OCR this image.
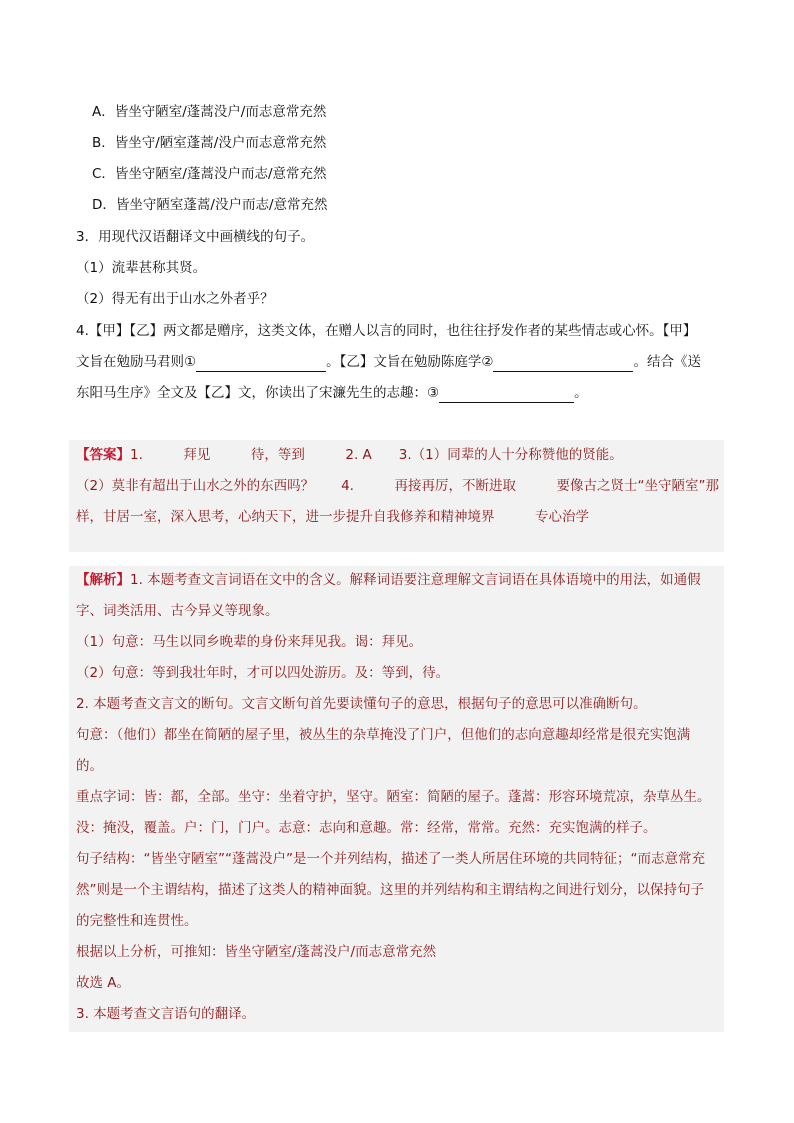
A．皆坐守陋室/蓬蒿没户/而志意常充然
B．皆坐守/陋室蓬蒿/没户而志意常充然
C．皆坐守陋室/蓬蒿没户而志/意常充然
D．皆坐守陋室蓬蒿/没户而志/意常充然
3．用现代汉语翻译文中画横线的句子。
（1）流辈甚称其贤。
（2）得无有出于山水之外者乎？
4.【甲】【乙】两文都是赠序，这类文体，在赠人以言的同时，也往往抒发作者的某些情志或心怀。【甲】
文旨在勉励马君则①	。【乙】文旨在勉励陈庭学②	。结合《送
东阳马生序》全文及【乙】文，你读出了宋濂先生的志趣：③	。
【答案】1.　　　拜见　　　待，等到　　　2. A　　3.（1）同辈的人十分称赞他的贤能。
（2）莫非有超出于山水之外的东西吗？　　4.　　　再接再厉，不断进取　　　要像古之贤士“坐守陋室”那
样，甘居一室，深入思考，心纳天下，进一步提升自我修养和精神境界　　　专心治学
【解析】1. 本题考查文言词语在文中的含义。解释词语要注意理解文言词语在具体语境中的用法，如通假
字、词类活用、古今异义等现象。
（1）句意：马生以同乡晚辈的身份来拜见我。谒：拜见。
（2）句意：等到我壮年时，才可以四处游历。及：等到，待。
2. 本题考查文言文的断句。文言文断句首先要读懂句子的意思，根据句子的意思可以准确断句。
句意：（他们）都坐在简陋的屋子里，被丛生的杂草掩没了门户，但他们的志向意趣却经常是很充实饱满
的。
重点字词：皆：都，全部。坐守：坐着守护，坚守。陋室：简陋的屋子。蓬蒿：形容环境荒凉，杂草丛生。
没：掩没，覆盖。户：门，门户。志意：志向和意趣。常：经常，常常。充然：充实饱满的样子。
句子结构：“皆坐守陋室”“蓬蒿没户”是一个并列结构，描述了一类人所居住环境的共同特征；“而志意常充
然”则是一个主谓结构，描述了这类人的精神面貌。这里的并列结构和主谓结构之间进行划分，以保持句子
的完整性和连贯性。
根据以上分析，可推知：皆坐守陋室/蓬蒿没户/而志意常充然
故选 A。
3. 本题考查文言语句的翻译。
